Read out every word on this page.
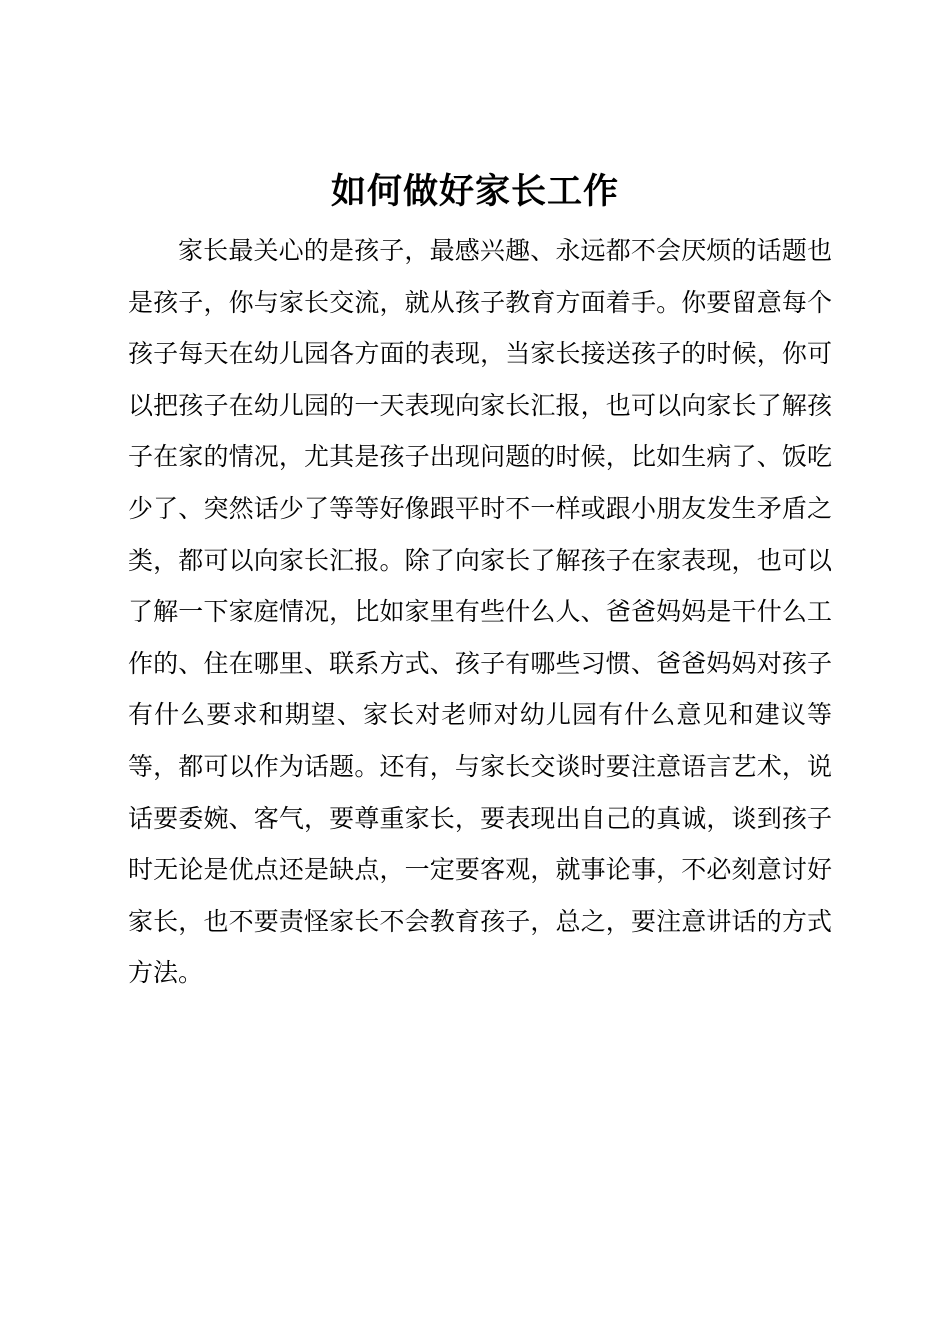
如何做好家长工作

家长最关心的是孩子，最感兴趣、永远都不会厌烦的话题也是孩子，你与家长交流，就从孩子教育方面着手。你要留意每个孩子每天在幼儿园各方面的表现，当家长接送孩子的时候，你可以把孩子在幼儿园的一天表现向家长汇报，也可以向家长了解孩子在家的情况，尤其是孩子出现问题的时候，比如生病了、饭吃少了、突然话少了等等好像跟平时不一样或跟小朋友发生矛盾之类，都可以向家长汇报。除了向家长了解孩子在家表现，也可以了解一下家庭情况，比如家里有些什么人、爸爸妈妈是干什么工作的、住在哪里、联系方式、孩子有哪些习惯、爸爸妈妈对孩子有什么要求和期望、家长对老师对幼儿园有什么意见和建议等等，都可以作为话题。还有，与家长交谈时要注意语言艺术，说话要委婉、客气，要尊重家长，要表现出自己的真诚，谈到孩子时无论是优点还是缺点，一定要客观，就事论事，不必刻意讨好家长，也不要责怪家长不会教育孩子，总之，要注意讲话的方式方法。
